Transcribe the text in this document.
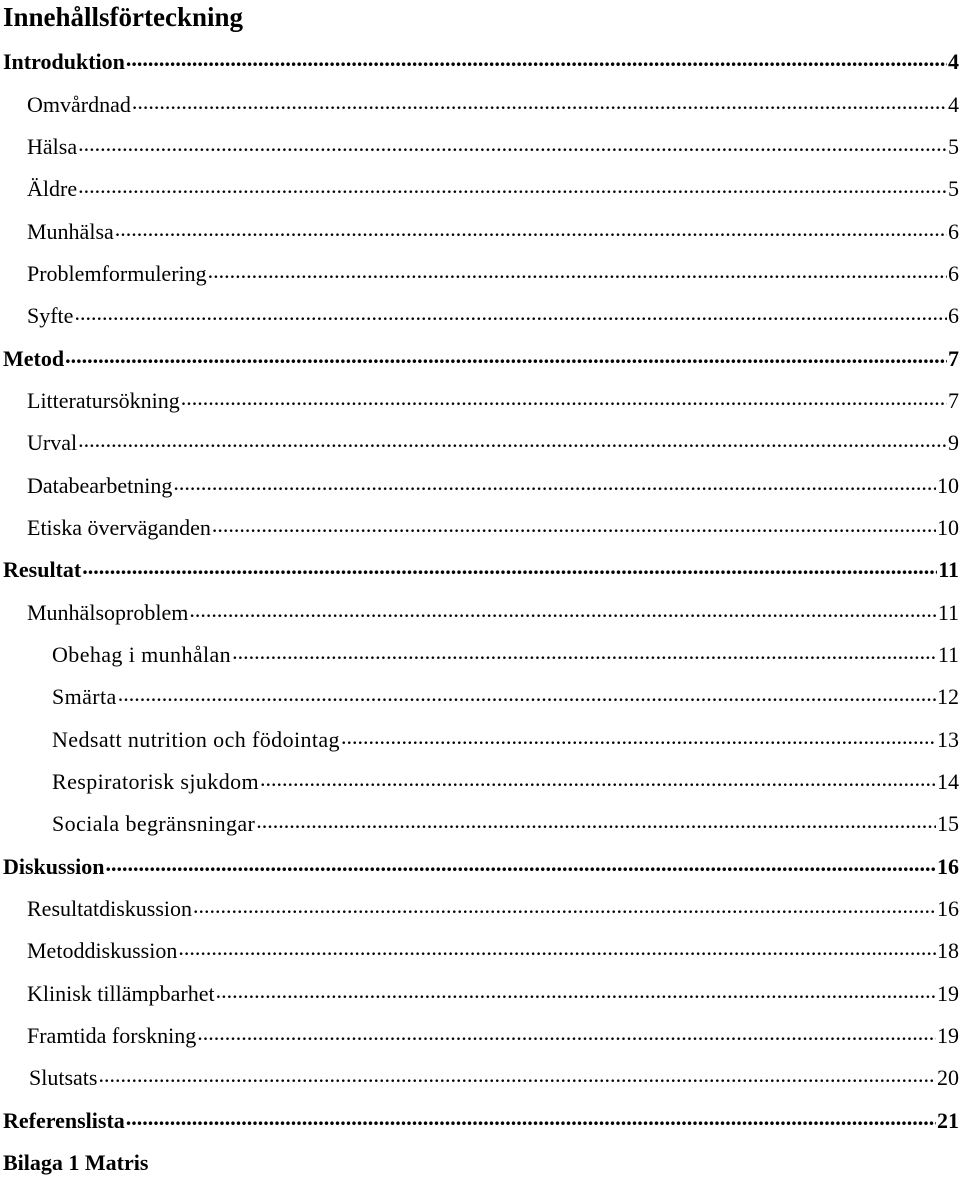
Innehållsförteckning
Introduktion .....	4
Omvårdnad .....	4
Hälsa .....	5
Äldre .....	5
Munhälsa .....	6
Problemformulering .....	6
Syfte .....	6
Metod .....	7
Litteratursökning .....	7
Urval .....	9
Databearbetning .....	10
Etiska överväganden .....	10
Resultat .....	11
Munhälsoproblem .....	11
Obehag i munhålan .....	11
Smärta .....	12
Nedsatt nutrition och födointag .....	13
Respiratorisk sjukdom .....	14
Sociala begränsningar .....	15
Diskussion .....	16
Resultatdiskussion .....	16
Metoddiskussion .....	18
Klinisk tillämpbarhet .....	19
Framtida forskning .....	19
Slutsats .....	20
Referenslista .....	21
Bilaga 1 Matris
